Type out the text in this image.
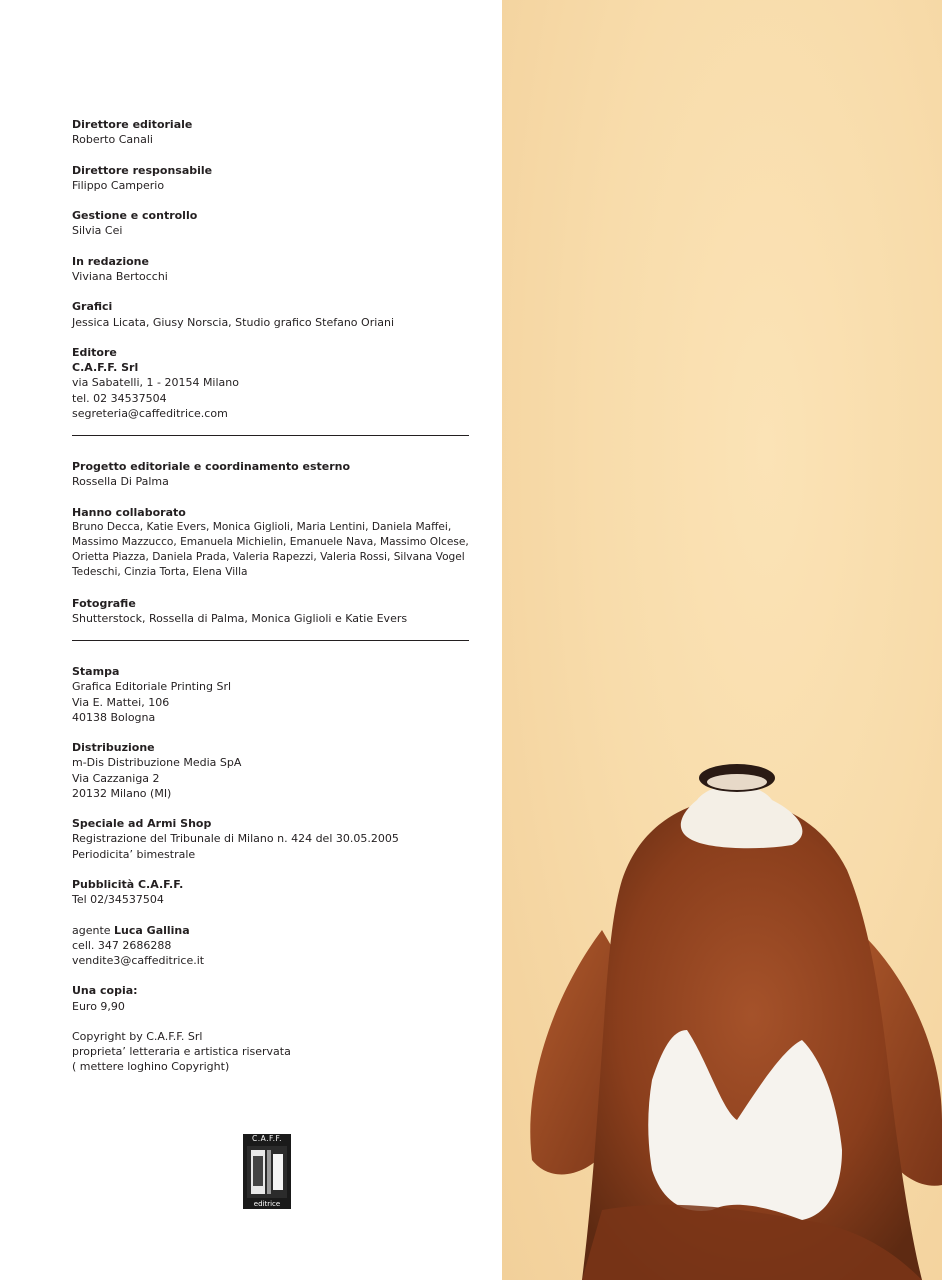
Direttore editoriale
Roberto Canali
Direttore responsabile
Filippo Camperio
Gestione e controllo
Silvia Cei
In redazione
Viviana Bertocchi
Grafici
Jessica Licata, Giusy Norscia, Studio grafico Stefano Oriani
Editore
C.A.F.F. Srl
via Sabatelli, 1 - 20154 Milano
tel. 02 34537504
segreteria@caffeditrice.com
Progetto editoriale e coordinamento esterno
Rossella Di Palma
Hanno collaborato
Bruno Decca, Katie Evers, Monica Giglioli, Maria Lentini, Daniela Maffei, Massimo Mazzucco, Emanuela Michielin, Emanuele Nava, Massimo Olcese, Orietta Piazza, Daniela Prada, Valeria Rapezzi, Valeria Rossi, Silvana Vogel Tedeschi, Cinzia Torta, Elena Villa
Fotografie
Shutterstock, Rossella di Palma, Monica Giglioli e Katie Evers
Stampa
Grafica Editoriale Printing Srl
Via E. Mattei, 106
40138 Bologna
Distribuzione
m-Dis Distribuzione Media SpA
Via Cazzaniga 2
20132 Milano (MI)
Speciale ad Armi Shop
Registrazione del Tribunale di Milano n. 424 del 30.05.2005
Periodicita’ bimestrale
Pubblicità C.A.F.F.
Tel 02/34537504
agente Luca Gallina
cell. 347 2686288
vendite3@caffeditrice.it
Una copia:
Euro 9,90
Copyright by C.A.F.F. Srl
proprieta’ letteraria e artistica riservata
( mettere loghino Copyright)
C.A.F.F.
editrice
